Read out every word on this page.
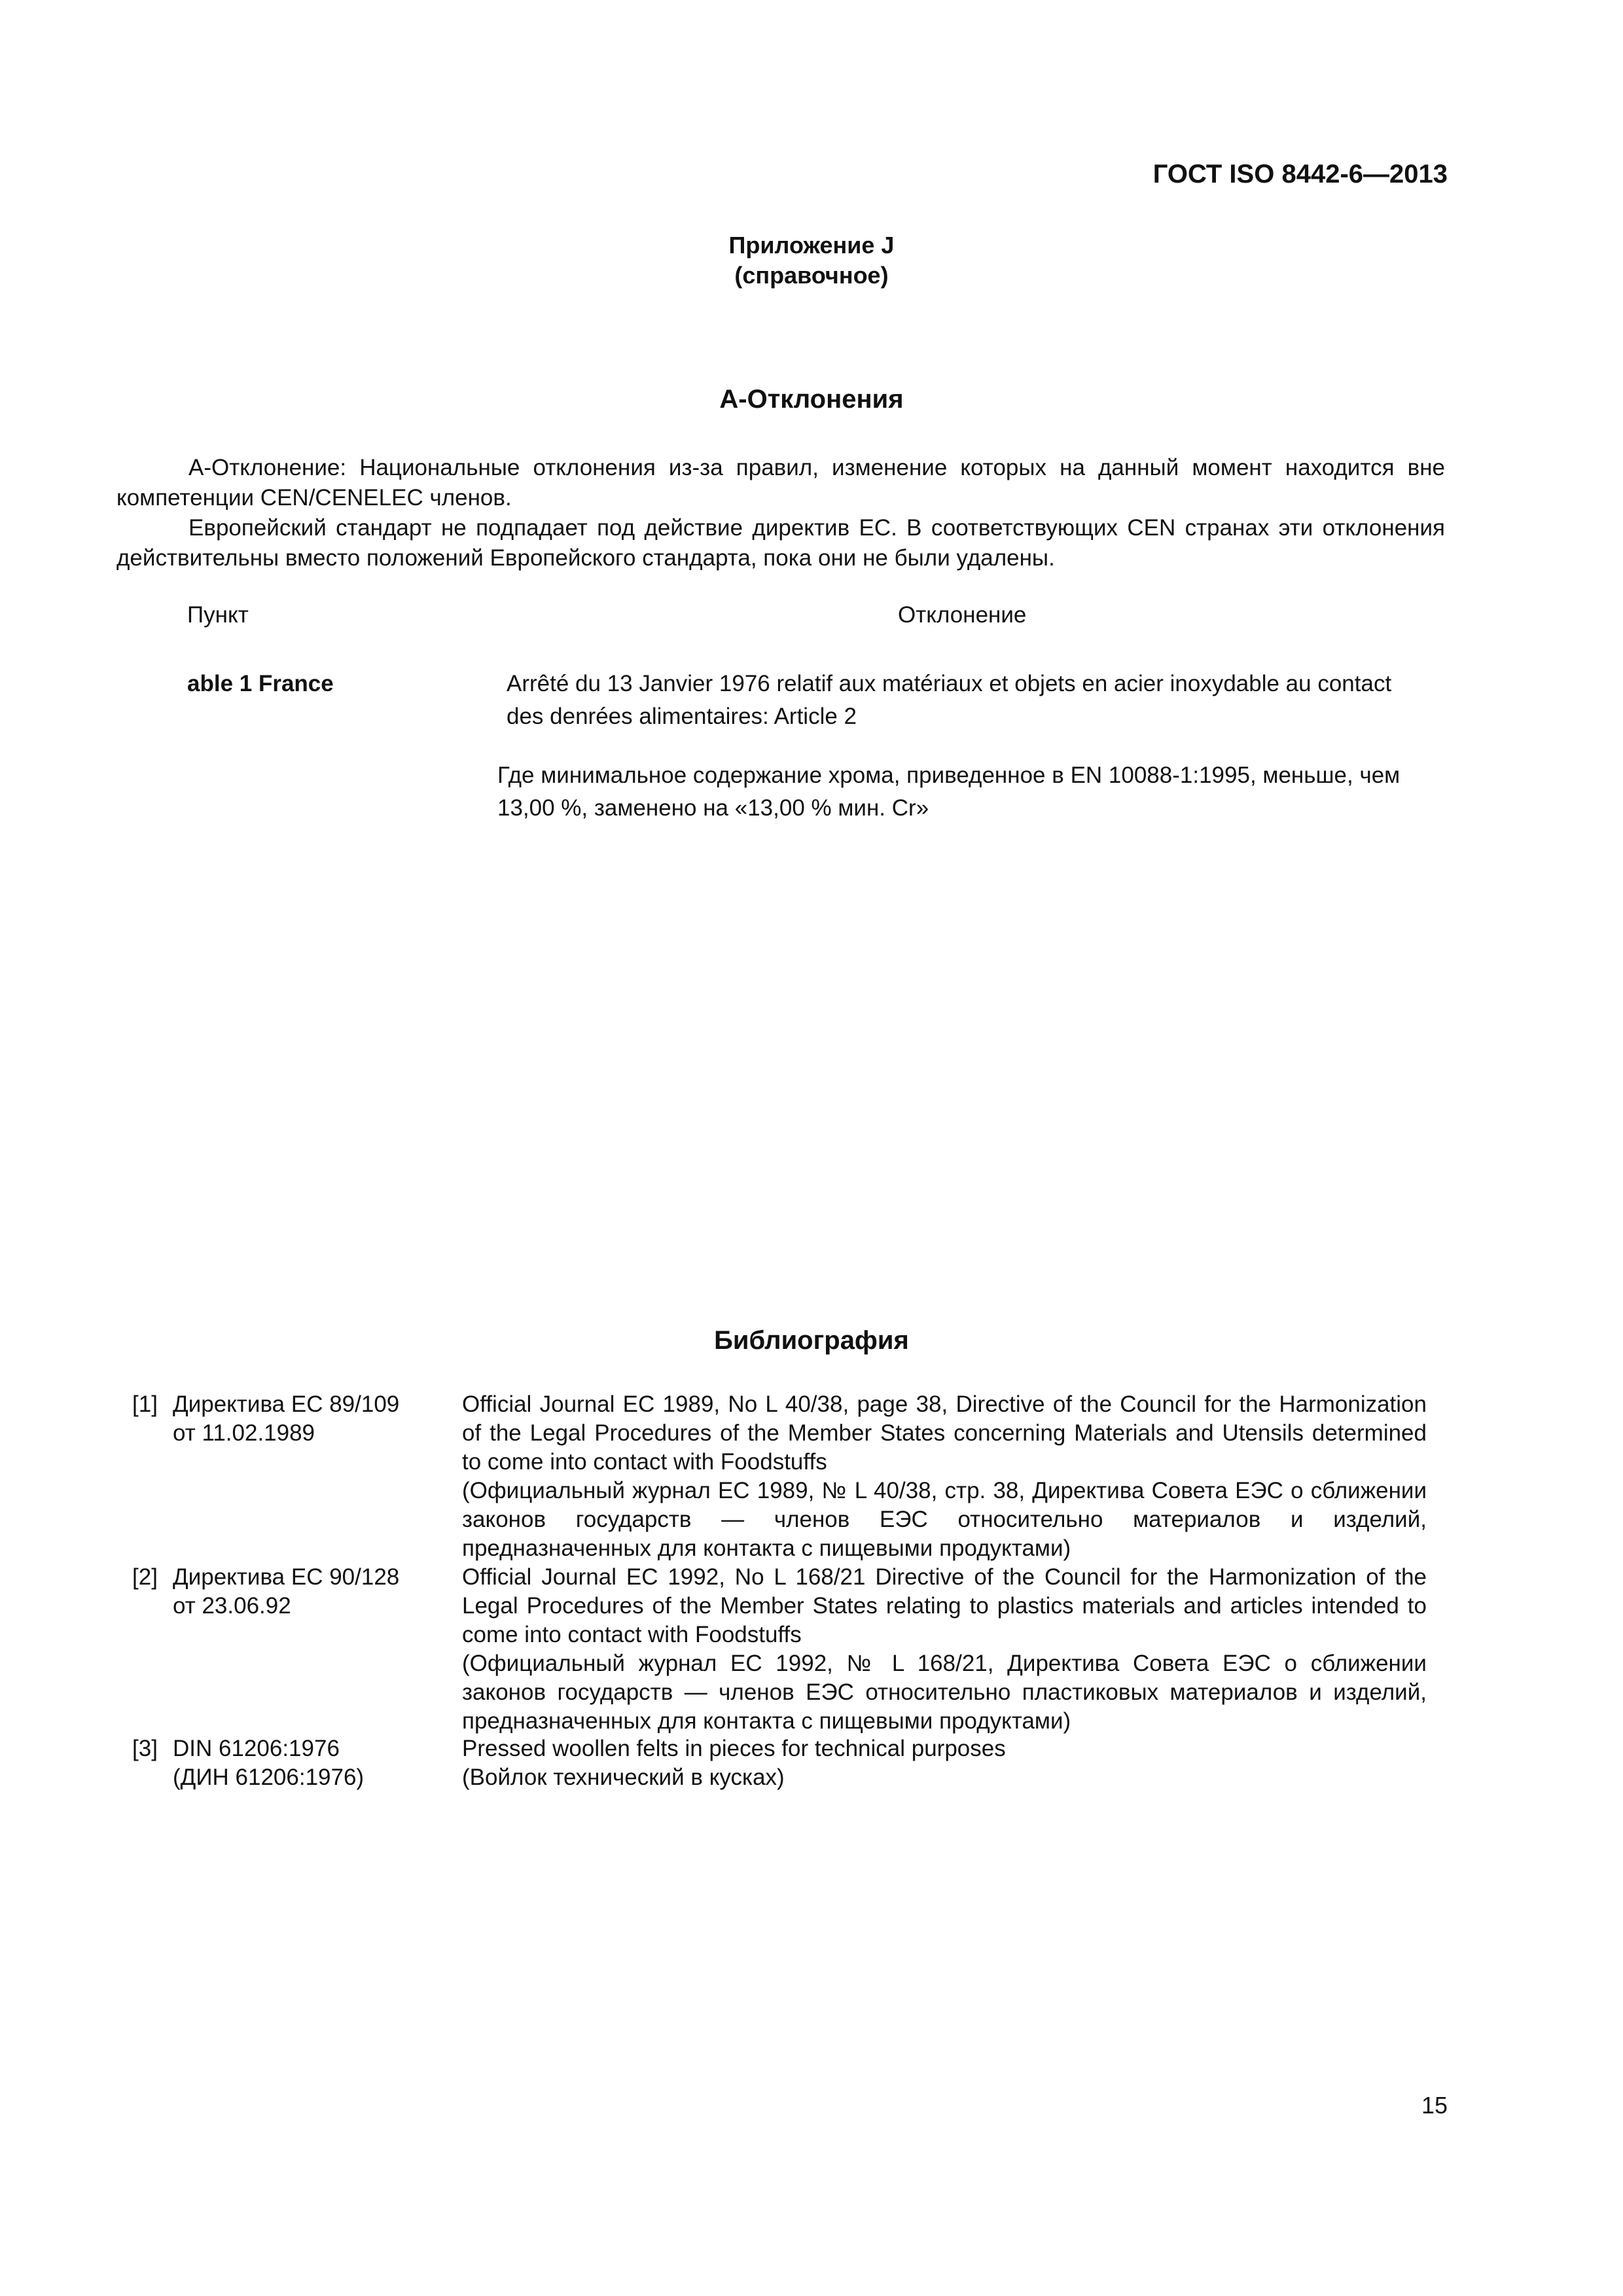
ГОСТ ISO 8442-6—2013
Приложение J
(справочное)
А-Отклонения

А-Отклонение: Национальные отклонения из-за правил, изменение которых на данный момент находится вне компетенции CEN/CENELEC членов.

Европейский стандарт не подпадает под действие директив ЕС. В соответствующих CEN странах эти отклонения действительны вместо положений Европейского стандарта, пока они не были удалены.

Пункт	Отклонение
able 1 France	Arrêté du 13 Janvier 1976 relatif aux matériaux et objets en acier inoxydable au contact des denrées alimentaires: Article 2
Где минимальное содержание хрома, приведенное в EN 10088-1:1995, меньше, чем 13,00 %, заменено на «13,00 % мин. Cr»
Библиография
[1] Директива ЕС 89/109
от 11.02.1989
Official Journal EC 1989, No L 40/38, page 38, Directive of the Council for the Harmonization of the Legal Procedures of the Member States concerning Materials and Utensils determined to come into contact with Foodstuffs
(Официальный журнал ЕС 1989, № L 40/38, стр. 38, Директива Совета ЕЭС о сближении законов государств — членов ЕЭС относительно материалов и изделий, предназначенных для контакта с пищевыми продуктами)
[2] Директива ЕС 90/128
от 23.06.92
Official Journal EC 1992, No L 168/21 Directive of the Council for the Harmonization of the Legal Procedures of the Member States relating to plastics materials and articles intended to come into contact with Foodstuffs
(Официальный журнал ЕС 1992, № L 168/21, Директива Совета ЕЭС о сближении законов государств — членов ЕЭС относительно пластиковых материалов и изделий, предназначенных для контакта с пищевыми продуктами)
[3] DIN 61206:1976
(ДИН 61206:1976)
Pressed woollen felts in pieces for technical purposes
(Войлок технический в кусках)
15
